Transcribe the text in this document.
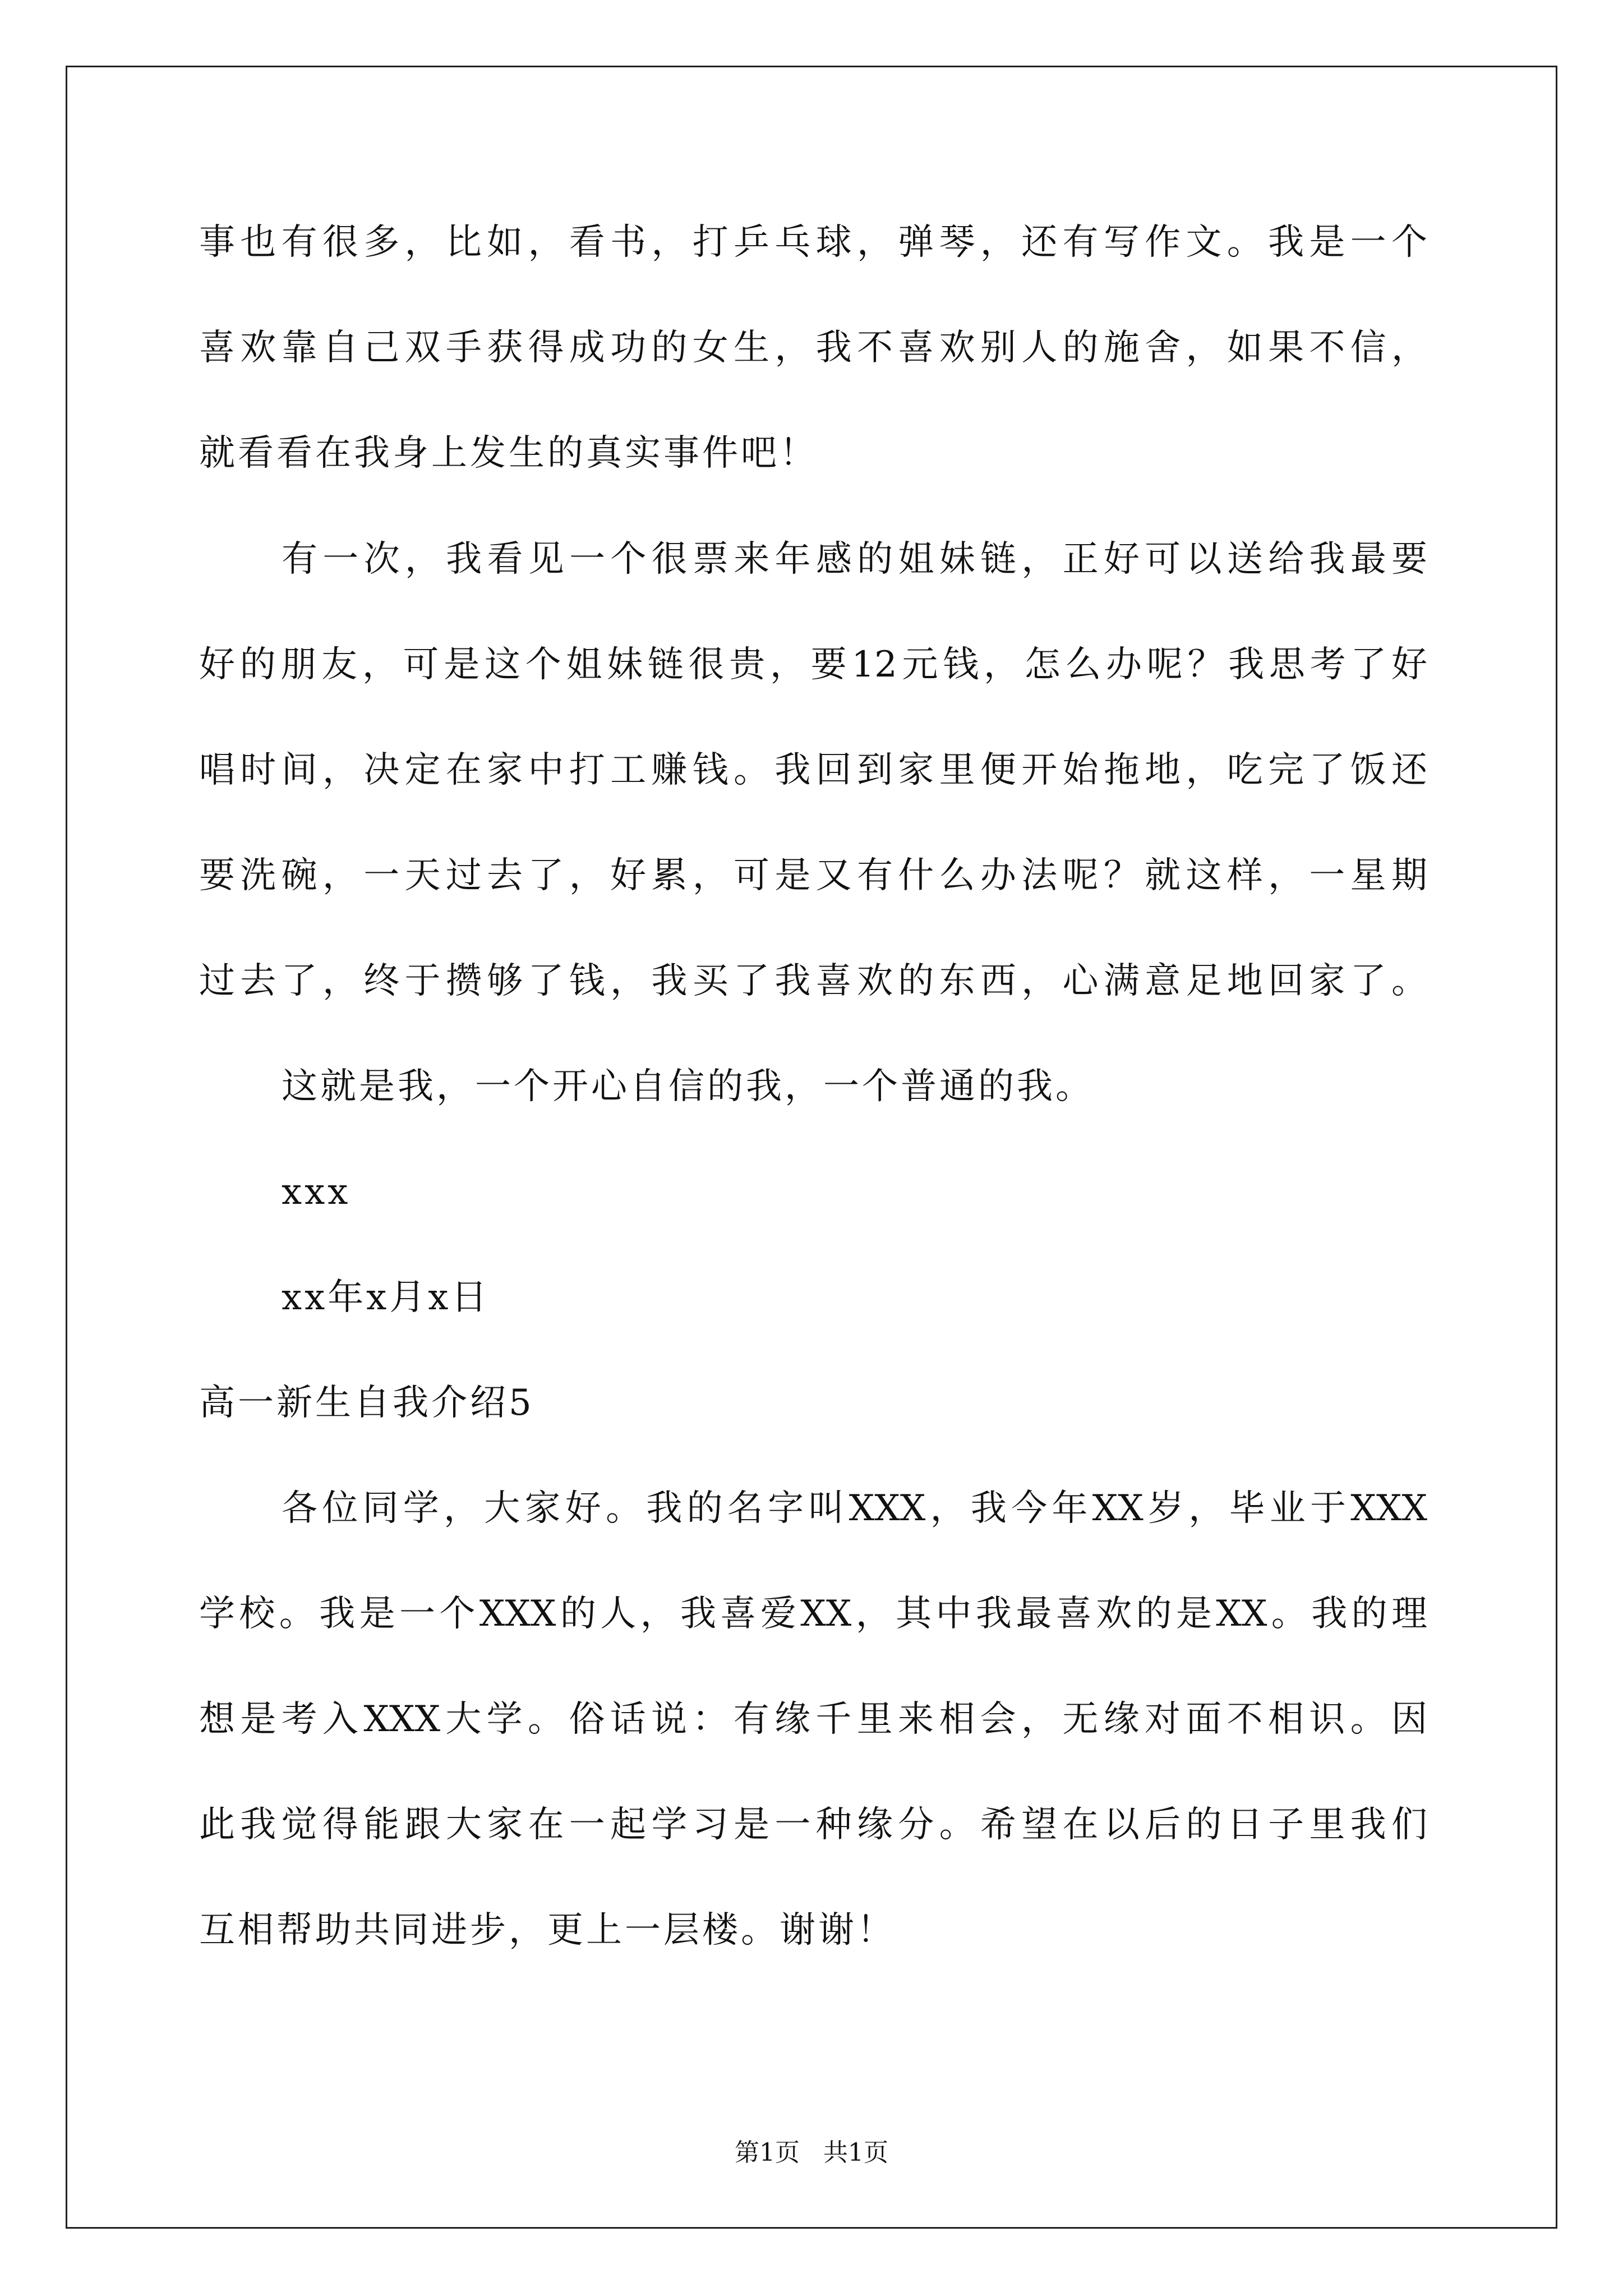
事也有很多，比如，看书，打乒乓球，弹琴，还有写作文。我是一个
喜欢靠自己双手获得成功的女生，我不喜欢别人的施舍，如果不信，
就看看在我身上发生的真实事件吧！
有一次，我看见一个很票来年感的姐妹链，正好可以送给我最要
好的朋友，可是这个姐妹链很贵，要12元钱，怎么办呢？我思考了好
唱时间，决定在家中打工赚钱。我回到家里便开始拖地，吃完了饭还
要洗碗，一天过去了，好累，可是又有什么办法呢？就这样，一星期
过去了，终于攒够了钱，我买了我喜欢的东西，心满意足地回家了。
这就是我，一个开心自信的我，一个普通的我。
xxx
xx年x月x日
高一新生自我介绍5
各位同学，大家好。我的名字叫XXX，我今年XX岁，毕业于XXX
学校。我是一个XXX的人，我喜爱XX，其中我最喜欢的是XX。我的理
想是考入XXX大学。俗话说：有缘千里来相会，无缘对面不相识。因
此我觉得能跟大家在一起学习是一种缘分。希望在以后的日子里我们
互相帮助共同进步，更上一层楼。谢谢！
第1页   共1页
